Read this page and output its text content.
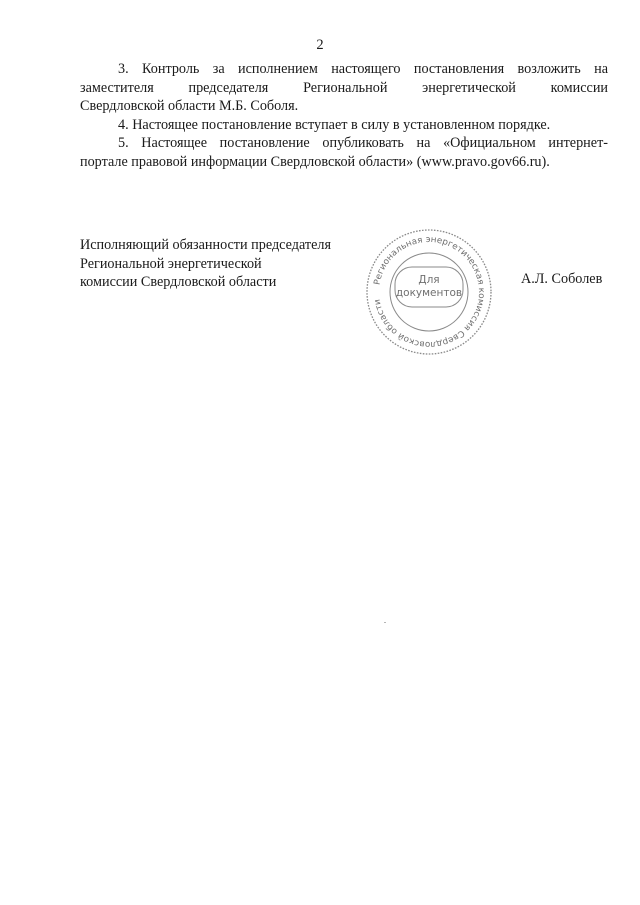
2

3. Контроль за исполнением настоящего постановления возложить на заместителя председателя Региональной энергетической комиссии

Свердловской области М.Б. Соболя.

4. Настоящее постановление вступает в силу в установленном порядке.

5. Настоящее постановление опубликовать на «Официальном интернет-

портале правовой информации Свердловской области» (www.pravo.gov66.ru).

Исполняющий обязанности председателя
Региональной энергетической
комиссии Свердловской области	Региональная энергетическая комиссия Свердловской области
Для
документов
А.Л. Соболев
